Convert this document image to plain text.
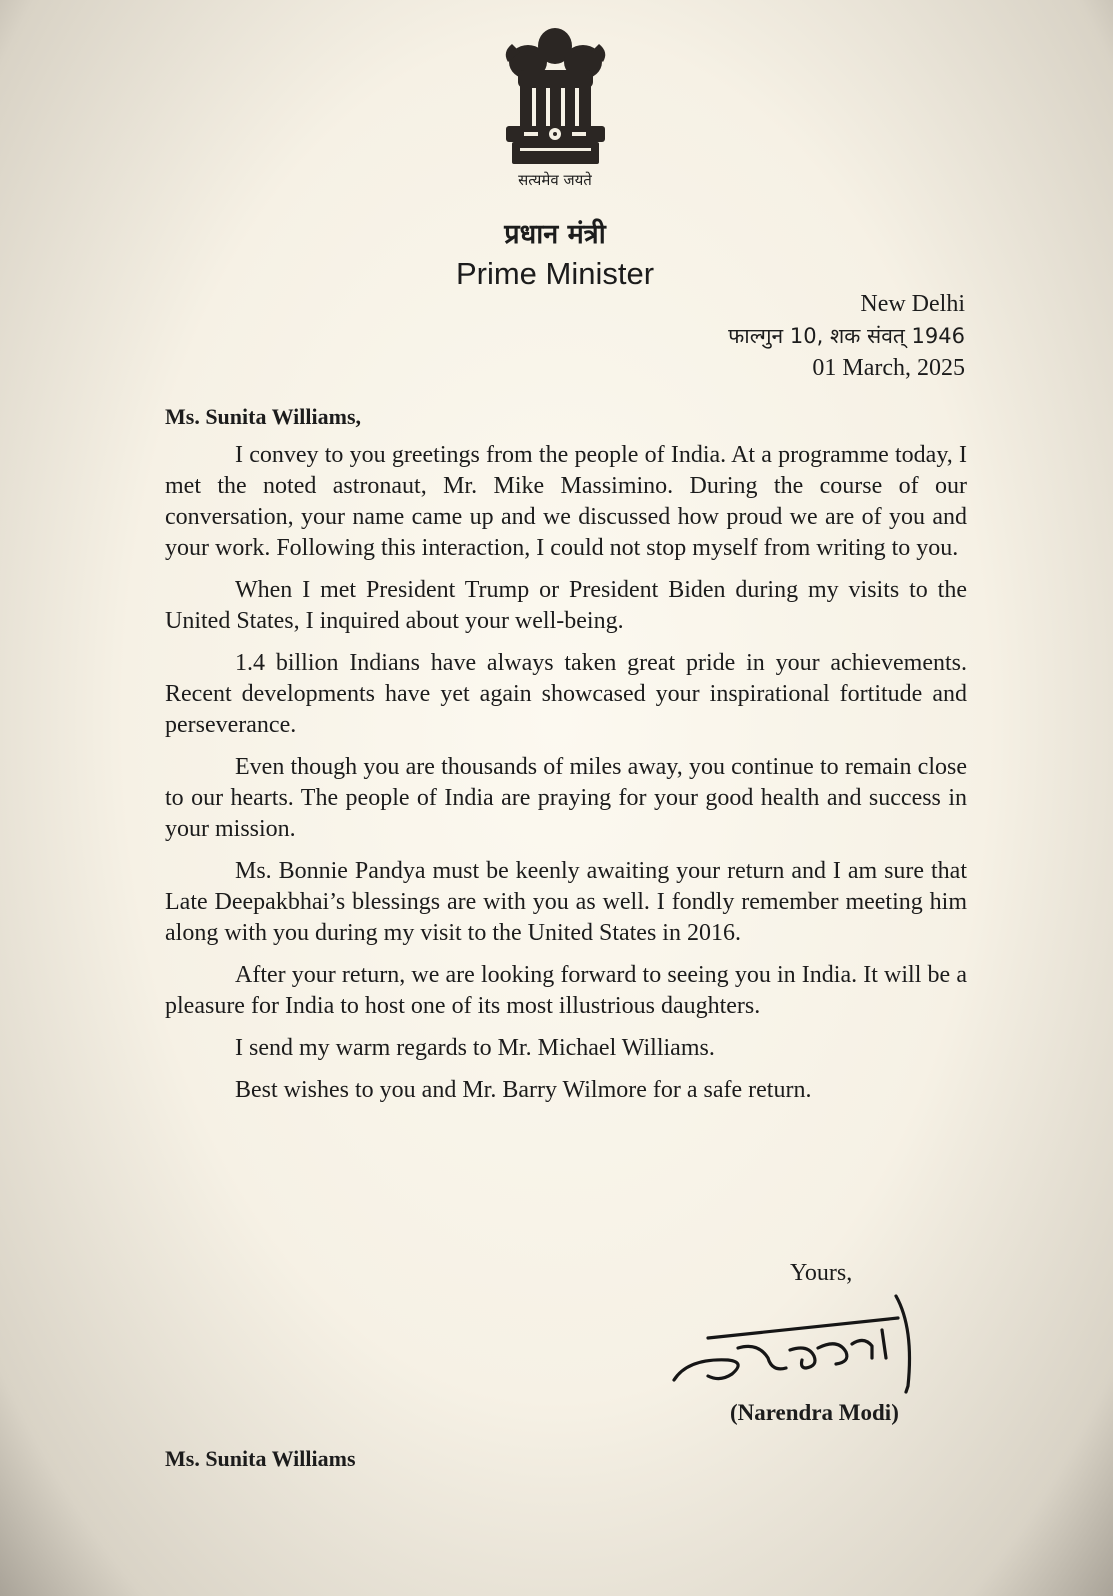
सत्यमेव जयते
प्रधान मंत्री
Prime Minister
New Delhi
फाल्गुन 10, शक संवत् 1946
01 March, 2025
Ms. Sunita Williams,

I convey to you greetings from the people of India. At a programme today, I met the noted astronaut, Mr. Mike Massimino. During the course of our conversation, your name came up and we discussed how proud we are of you and your work. Following this interaction, I could not stop myself from writing to you.

When I met President Trump or President Biden during my visits to the United States, I inquired about your well-being.

1.4 billion Indians have always taken great pride in your achievements. Recent developments have yet again showcased your inspirational fortitude and perseverance.

Even though you are thousands of miles away, you continue to remain close to our hearts. The people of India are praying for your good health and success in your mission.

Ms. Bonnie Pandya must be keenly awaiting your return and I am sure that Late Deepakbhai’s blessings are with you as well. I fondly remember meeting him along with you during my visit to the United States in 2016.

After your return, we are looking forward to seeing you in India. It will be a pleasure for India to host one of its most illustrious daughters.

I send my warm regards to Mr. Michael Williams.

Best wishes to you and Mr. Barry Wilmore for a safe return.

Yours,
(Narendra Modi)
Ms. Sunita Williams
